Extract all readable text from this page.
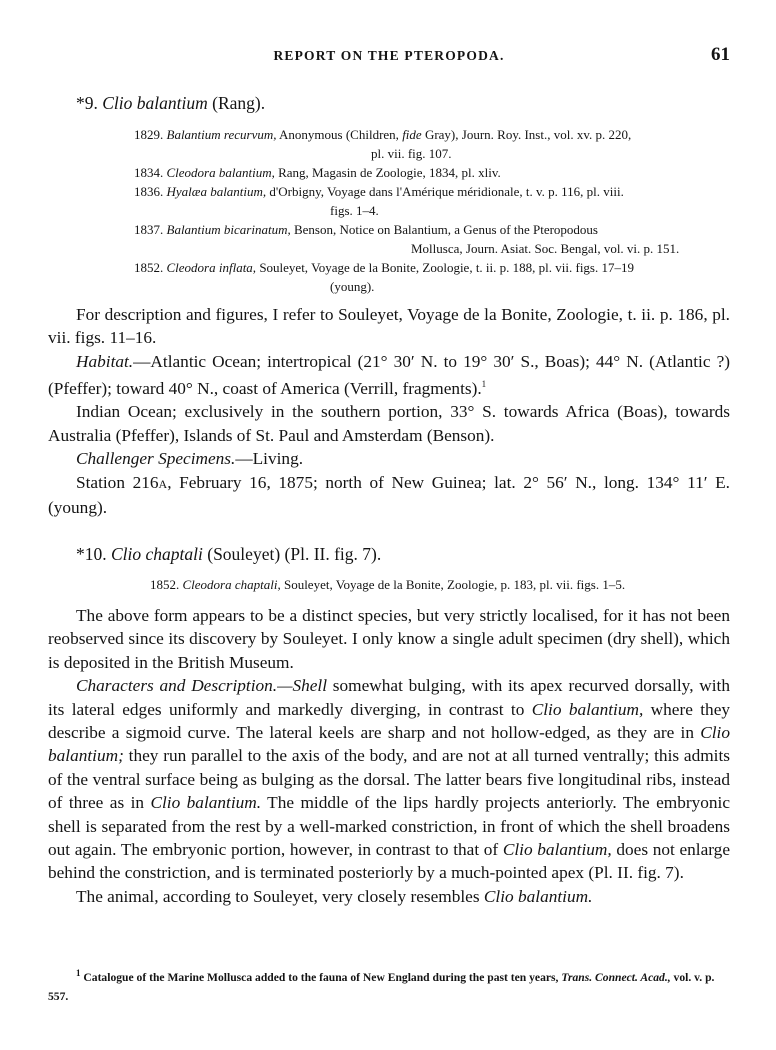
REPORT ON THE PTEROPODA.	61
*9. Clio balantium (Rang).
1829. Balantium recurvum, Anonymous (Children, fide Gray), Journ. Roy. Inst., vol. xv. p. 220,
pl. vii. fig. 107.
1834. Cleodora balantium, Rang, Magasin de Zoologie, 1834, pl. xliv.
1836. Hyalæa balantium, d'Orbigny, Voyage dans l'Amérique méridionale, t. v. p. 116, pl. viii.
figs. 1–4.
1837. Balantium bicarinatum, Benson, Notice on Balantium, a Genus of the Pteropodous
Mollusca, Journ. Asiat. Soc. Bengal, vol. vi. p. 151.
1852. Cleodora inflata, Souleyet, Voyage de la Bonite, Zoologie, t. ii. p. 188, pl. vii. figs. 17–19
(young).

For description and figures, I refer to Souleyet, Voyage de la Bonite, Zoologie, t. ii. p. 186, pl. vii. figs. 11–16.

Habitat.—Atlantic Ocean; intertropical (21° 30′ N. to 19° 30′ S., Boas); 44° N. (Atlantic ?) (Pfeffer); toward 40° N., coast of America (Verrill, fragments).$^1$

Indian Ocean; exclusively in the southern portion, 33° S. towards Africa (Boas), towards Australia (Pfeffer), Islands of St. Paul and Amsterdam (Benson).

Challenger Specimens.—Living.

Station 216A, February 16, 1875; north of New Guinea; lat. 2° 56′ N., long. 134° 11′ E. (young).

*10. Clio chaptali (Souleyet) (Pl. II. fig. 7).
1852. Cleodora chaptali, Souleyet, Voyage de la Bonite, Zoologie, p. 183, pl. vii. figs. 1–5.

The above form appears to be a distinct species, but very strictly localised, for it has not been reobserved since its discovery by Souleyet. I only know a single adult specimen (dry shell), which is deposited in the British Museum.

Characters and Description.—Shell somewhat bulging, with its apex recurved dorsally, with its lateral edges uniformly and markedly diverging, in contrast to Clio balantium, where they describe a sigmoid curve. The lateral keels are sharp and not hollow-edged, as they are in Clio balantium; they run parallel to the axis of the body, and are not at all turned ventrally; this admits of the ventral surface being as bulging as the dorsal. The latter bears five longitudinal ribs, instead of three as in Clio balantium. The middle of the lips hardly projects anteriorly. The embryonic shell is separated from the rest by a well-marked constriction, in front of which the shell broadens out again. The embryonic portion, however, in contrast to that of Clio balantium, does not enlarge behind the constriction, and is terminated posteriorly by a much-pointed apex (Pl. II. fig. 7).

The animal, according to Souleyet, very closely resembles Clio balantium.

$^1$ Catalogue of the Marine Mollusca added to the fauna of New England during the past ten years, Trans. Connect. Acad., vol. v. p. 557.
